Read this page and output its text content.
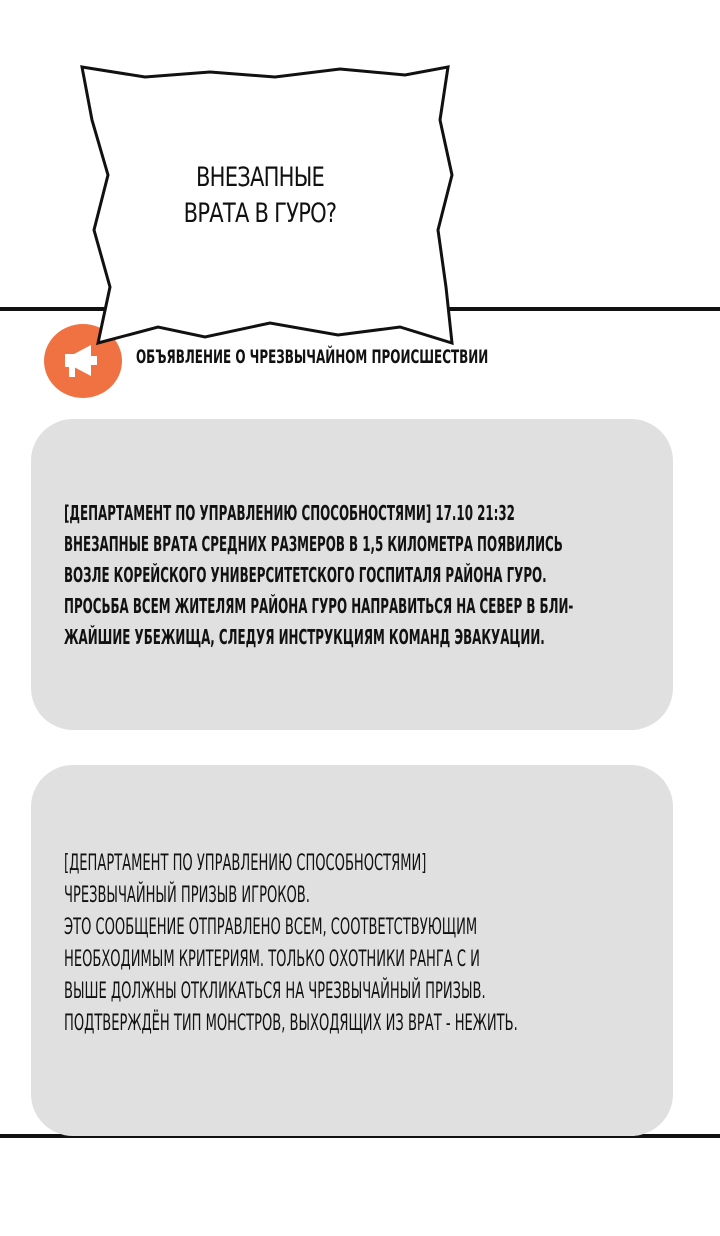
ОБЪЯВЛЕНИЕ О ЧРЕЗВЫЧАЙНОМ ПРОИСШЕСТВИИ
ВНЕЗАПНЫЕ
ВРАТА В ГУРО?
[ДЕПАРТАМЕНТ ПО УПРАВЛЕНИЮ СПОСОБНОСТЯМИ] 17.10 21:32
ВНЕЗАПНЫЕ ВРАТА СРЕДНИХ РАЗМЕРОВ В 1,5 КИЛОМЕТРА ПОЯВИЛИСЬ
ВОЗЛЕ КОРЕЙСКОГО УНИВЕРСИТЕТСКОГО ГОСПИТАЛЯ РАЙОНА ГУРО.
ПРОСЬБА ВСЕМ ЖИТЕЛЯМ РАЙОНА ГУРО НАПРАВИТЬСЯ НА СЕВЕР В БЛИ-
ЖАЙШИЕ УБЕЖИЩА, СЛЕДУЯ ИНСТРУКЦИЯМ КОМАНД ЭВАКУАЦИИ.
[ДЕПАРТАМЕНТ ПО УПРАВЛЕНИЮ СПОСОБНОСТЯМИ]
ЧРЕЗВЫЧАЙНЫЙ ПРИЗЫВ ИГРОКОВ.
ЭТО СООБЩЕНИЕ ОТПРАВЛЕНО ВСЕМ, СООТВЕТСТВУЮЩИМ
НЕОБХОДИМЫМ КРИТЕРИЯМ. ТОЛЬКО ОХОТНИКИ РАНГА С И
ВЫШЕ ДОЛЖНЫ ОТКЛИКАТЬСЯ НА ЧРЕЗВЫЧАЙНЫЙ ПРИЗЫВ.
ПОДТВЕРЖДЁН ТИП МОНСТРОВ, ВЫХОДЯЩИХ ИЗ ВРАТ - НЕЖИТЬ.
